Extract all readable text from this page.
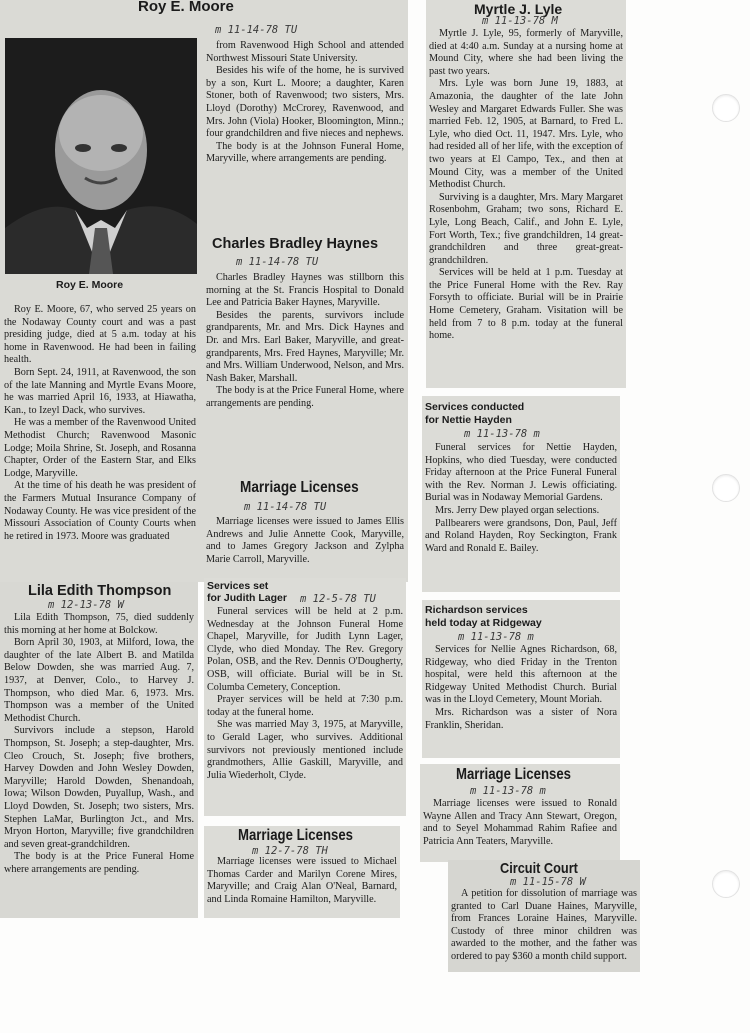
Roy E. Moore
Roy E. Moore

Roy E. Moore, 67, who served 25 years on the Nodaway County court and was a past presiding judge, died at 5 a.m. today at his home in Ravenwood. He had been in failing health.

Born Sept. 24, 1911, at Ravenwood, the son of the late Manning and Myrtle Evans Moore, he was married April 16, 1933, at Hiawatha, Kan., to Izeyl Dack, who survives.

He was a member of the Ravenwood United Methodist Church; Ravenwood Masonic Lodge; Moila Shrine, St. Joseph, and Rosanna Chapter, Order of the Eastern Star, and Elks Lodge, Maryville.

At the time of his death he was president of the Farmers Mutual Insurance Company of Nodaway County. He was vice president of the Missouri Association of County Courts when he retired in 1973. Moore was graduated

m 11-14-78 TU

from Ravenwood High School and attended Northwest Missouri State University.

Besides his wife of the home, he is survived by a son, Kurt L. Moore; a daughter, Karen Stoner, both of Ravenwood; two sisters, Mrs. Lloyd (Dorothy) McCrorey, Ravenwood, and Mrs. John (Viola) Hooker, Bloomington, Minn.; four grandchildren and five nieces and nephews.

The body is at the Johnson Funeral Home, Maryville, where arrangements are pending.

Charles Bradley Haynes
m 11-14-78 TU

Charles Bradley Haynes was stillborn this morning at the St. Francis Hospital to Donald Lee and Patricia Baker Haynes, Maryville.

Besides the parents, survivors include grandparents, Mr. and Mrs. Dick Haynes and Dr. and Mrs. Earl Baker, Maryville, and great-grandparents, Mrs. Fred Haynes, Maryville; Mr. and Mrs. William Underwood, Nelson, and Mrs. Nash Baker, Marshall.

The body is at the Price Funeral Home, where arrangements are pending.

Marriage Licenses
m 11-14-78 TU

Marriage licenses were issued to James Ellis Andrews and Julie Annette Cook, Maryville, and to James Gregory Jackson and Zylpha Marie Carroll, Maryville.

Lila Edith Thompson
m 12-13-78 W

Lila Edith Thompson, 75, died suddenly this morning at her home at Bolckow.

Born April 30, 1903, at Milford, Iowa, the daughter of the late Albert B. and Matilda Below Dowden, she was married Aug. 7, 1937, at Denver, Colo., to Harvey J. Thompson, who died Mar. 6, 1973. Mrs. Thompson was a member of the United Methodist Church.

Survivors include a stepson, Harold Thompson, St. Joseph; a step-daughter, Mrs. Cleo Crouch, St. Joseph; five brothers, Harvey Dowden and John Wesley Dowden, Maryville; Harold Dowden, Shenandoah, Iowa; Wilson Dowden, Puyallup, Wash., and Lloyd Dowden, St. Joseph; two sisters, Mrs. Stephen LaMar, Burlington Jct., and Mrs. Mryon Horton, Maryville; five grandchildren and seven great-grandchildren.

The body is at the Price Funeral Home where arrangements are pending.

Services set
for Judith Lager m 12-5-78 TU

Funeral services will be held at 2 p.m. Wednesday at the Johnson Funeral Home Chapel, Maryville, for Judith Lynn Lager, Clyde, who died Monday. The Rev. Gregory Polan, OSB, and the Rev. Dennis O'Dougherty, OSB, will officiate. Burial will be in St. Columba Cemetery, Conception.

Prayer services will be held at 7:30 p.m. today at the funeral home.

She was married May 3, 1975, at Maryville, to Gerald Lager, who survives. Additional survivors not previously mentioned include grandmothers, Allie Gaskill, Maryville, and Julia Wiederholt, Clyde.

Marriage Licenses
m 12-7-78 TH

Marriage licenses were issued to Michael Thomas Carder and Marilyn Corene Mires, Maryville; and Craig Alan O'Neal, Barnard, and Linda Romaine Hamilton, Maryville.

Myrtle J. Lyle
m 11-13-78 M

Myrtle J. Lyle, 95, formerly of Maryville, died at 4:40 a.m. Sunday at a nursing home at Mound City, where she had been living the past two years.

Mrs. Lyle was born June 19, 1883, at Amazonia, the daughter of the late John Wesley and Margaret Edwards Fuller. She was married Feb. 12, 1905, at Barnard, to Fred L. Lyle, who died Oct. 11, 1947. Mrs. Lyle, who had resided all of her life, with the exception of two years at El Campo, Tex., and then at Mound City, was a member of the United Methodist Church.

Surviving is a daughter, Mrs. Mary Margaret Rosenbohm, Graham; two sons, Richard E. Lyle, Long Beach, Calif., and John E. Lyle, Fort Worth, Tex.; five grandchildren, 14 great-grandchildren and three great-great-grandchildren.

Services will be held at 1 p.m. Tuesday at the Price Funeral Home with the Rev. Ray Forsyth to officiate. Burial will be in Prairie Home Cemetery, Graham. Visitation will be held from 7 to 8 p.m. today at the funeral home.

Services conducted
for Nettie Hayden
m 11-13-78 m

Funeral services for Nettie Hayden, Hopkins, who died Tuesday, were conducted Friday afternoon at the Price Funeral Funeral with the Rev. Norman J. Lewis officiating. Burial was in Nodaway Memorial Gardens.

Mrs. Jerry Dew played organ selections.

Pallbearers were grandsons, Don, Paul, Jeff and Roland Hayden, Roy Seckington, Frank Ward and Ronald E. Bailey.

Richardson services
held today at Ridgeway
m 11-13-78 m

Services for Nellie Agnes Richardson, 68, Ridgeway, who died Friday in the Trenton hospital, were held this afternoon at the Ridgeway United Methodist Church. Burial was in the Lloyd Cemetery, Mount Moriah.

Mrs. Richardson was a sister of Nora Franklin, Sheridan.

Marriage Licenses
m 11-13-78 m

Marriage licenses were issued to Ronald Wayne Allen and Tracy Ann Stewart, Oregon, and to Seyel Mohammad Rahim Rafiee and Patricia Ann Teaters, Maryville.

Circuit Court
m 11-15-78 W

A petition for dissolution of marriage was granted to Carl Duane Haines, Maryville, from Frances Loraine Haines, Maryville. Custody of three minor children was awarded to the mother, and the father was ordered to pay $360 a month child support.
